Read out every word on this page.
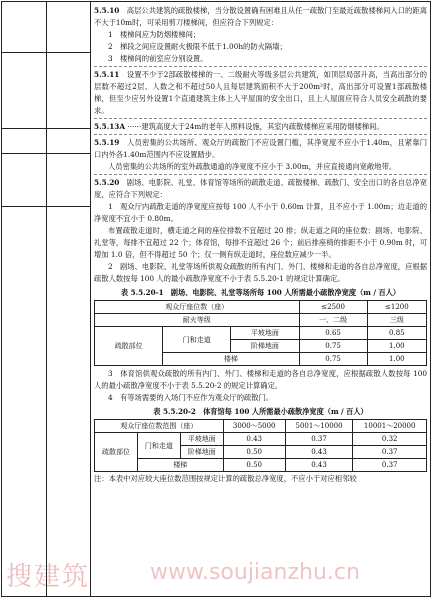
5.5.10　 高层公共建筑的疏散楼梯，当分散设置确有困难且从任一疏散门至最近疏散楼梯间入口的距离不大于10m时，可采用剪刀楼梯间，但应符合下列规定：

1　楼梯间应为防烟楼梯间；

2　梯段之间应设置耐火极限不低于1.00h的防火隔墙；

3　楼梯间的前室应分别设置。

5.5.11　 设置不少于2部疏散楼梯的一、二级耐火等级多层公共建筑，如顶层局部升高，当高出部分的层数不超过2层、人数之和不超过50人且每层建筑面积不大于200m²时，高出部分可设置1部疏散楼梯，但至少应另外设置1个直通建筑主体上人平屋面的安全出口，且上人屋面应符合人员安全疏散的要求。

5.5.13A ······建筑高度大于24m的老年人照料设施，其室内疏散楼梯应采用防烟楼梯间。

5.5.19　 人员密集的公共场所、观众厅的疏散门不应设置门槛，其净宽度不应小于1.40m，且紧靠门口内外各1.40m范围内不应设置踏步。

人员密集的公共场所的室外疏散通道的净宽度不应小于 3.00m，并应直接通向宽敞地带。

5.5.20　 剧场、电影院、礼堂、体育馆等场所的疏散走道、疏散楼梯、疏散门、安全出口的各自总净宽度，应符合下列规定：

1　观众厅内疏散走道的净宽度应按每 100 人不小于 0.60m 计算，且不应小于 1.00m；边走道的净宽度不宜小于 0.80m。

布置疏散走道时，横走道之间的座位排数不宜超过 20 排；纵走道之间的座位数：剧场、电影院、礼堂等，每排不宜超过 22 个；体育馆，每排不宜超过 26 个；前后排座椅的排距不小于 0.90m 时，可增加 1.0 倍，但不得超过 50 个；仅一侧有纵走道时，座位数应减少一半。

2　剧场、电影院、礼堂等场所供观众疏散的所有内门、外门、楼梯和走道的各自总净宽度，应根据疏散人数按每 100 人的最小疏散净宽度不小于表 5.5.20-1 的规定计算确定。

表 5.5.20-1　剧场、电影院、礼堂等场所每 100 人所需最小疏散净宽度（m / 百人）
观众厅座位数（座）			≤2500	≤1200
耐火等级			一、二级	三级
疏散部位	门和走道	平坡地面	0.65	0.85
		阶梯地面	0.75	1.00
	楼梯		0.75	1.00

3　体育馆供观众疏散的所有内门、外门、楼梯和走道的各自总净宽度，应根据疏散人数按每 100 人的最小疏散净宽度不小于表 5.5.20-2 的规定计算确定。

4　有等场需要的入场门不应作为观众厅的疏散门。

表 5.5.20-2　体育馆每 100 人所需最小疏散净宽度（m / 百人）
观众厅座位数范围（座）			3000～5000	5001～10000	10001～20000
疏散部位	门和走道	平坡地面	0.43	0.37	0.32
		阶梯地面	0.50	0.43	0.37
	楼梯		0.50	0.43	0.37

注：本表中对应较大座位数范围按规定计算的疏散总净宽度，不应小于对应相邻较

搜建筑	www.soujianzhu.cn
